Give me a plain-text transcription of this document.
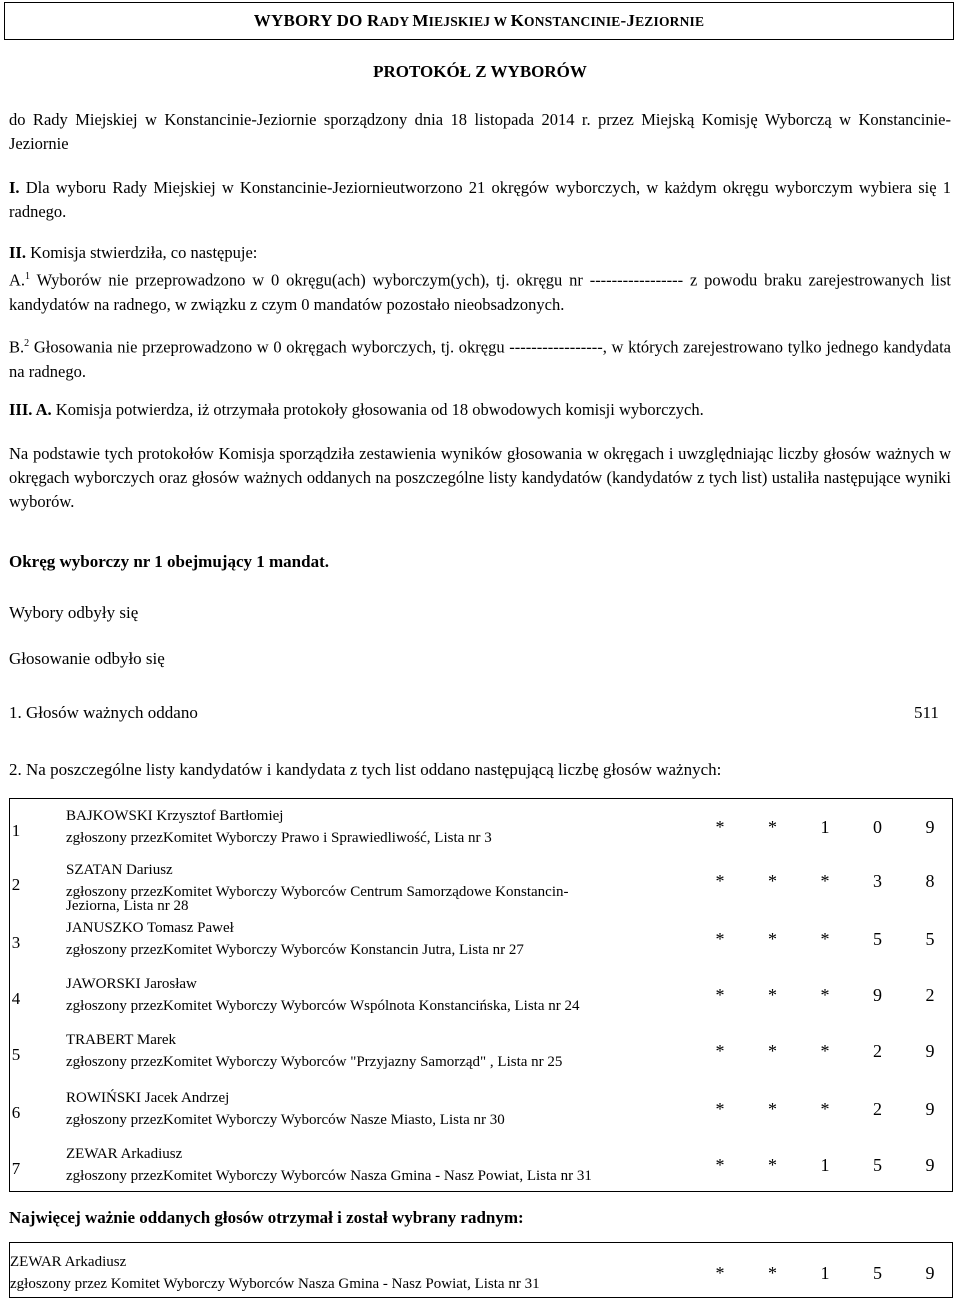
WYBORY DO RADY MIEJSKIEJ W KONSTANCINIE-JEZIORNIE
PROTOKÓŁ Z WYBORÓW
do Rady Miejskiej w Konstancinie-Jeziornie sporządzony dnia 18 listopada 2014 r. przez Miejską Komisję Wyborczą w Konstancinie-Jeziornie
I. Dla wyboru Rady Miejskiej w Konstancinie-Jeziorniеutworzono 21 okręgów wyborczych, w każdym okręgu wyborczym wybiera się 1 radnego.
II. Komisja stwierdziła, co następuje:
A.$^1$ Wyborów nie przeprowadzono w 0 okręgu(ach) wyborczym(ych), tj. okręgu nr ----------------- z powodu braku zarejestrowanych list kandydatów na radnego, w związku z czym 0 mandatów pozostało nieobsadzonych.
B.$^2$ Głosowania nie przeprowadzono w 0 okręgach wyborczych, tj. okręgu -----------------, w których zarejestrowano tylko jednego kandydata na radnego.
III. A. Komisja potwierdza, iż otrzymała protokoły głosowania od 18 obwodowych komisji wyborczych.
Na podstawie tych protokołów Komisja sporządziła zestawienia wyników głosowania w okręgach i uwzględniając liczby głosów ważnych w okręgach wyborczych oraz głosów ważnych oddanych na poszczególne listy kandydatów (kandydatów z tych list) ustaliła następujące wyniki wyborów.
Okręg wyborczy nr 1 obejmujący 1 mandat.
Wybory odbyły się
Głosowanie odbyło się
1. Głosów ważnych oddano	511
2. Na poszczególne listy kandydatów i kandydata z tych list oddano następującą liczbę głosów ważnych:
1
BAJKOWSKI Krzysztof Bartłomiej
zgłoszony przezKomitet Wyborczy Prawo i Sprawiedliwość, Lista nr 3
*	*	1	0	9
2
SZATAN Dariusz
zgłoszony przezKomitet Wyborczy Wyborców Centrum Samorządowe Konstancin-
Jeziorna, Lista nr 28
*	*	*	3	8
3
JANUSZKO Tomasz Paweł
zgłoszony przezKomitet Wyborczy Wyborców Konstancin Jutra, Lista nr 27
*	*	*	5	5
4
JAWORSKI Jarosław
zgłoszony przezKomitet Wyborczy Wyborców Wspólnota Konstancińska, Lista nr 24
*	*	*	9	2
5
TRABERT Marek
zgłoszony przezKomitet Wyborczy Wyborców "Przyjazny Samorząd" , Lista nr 25
*	*	*	2	9
6
ROWIŃSKI Jacek Andrzej
zgłoszony przezKomitet Wyborczy Wyborców Nasze Miasto, Lista nr 30
*	*	*	2	9
7
ZEWAR Arkadiusz
zgłoszony przezKomitet Wyborczy Wyborców Nasza Gmina - Nasz Powiat, Lista nr 31
*	*	1	5	9
Najwięcej ważnie oddanych głosów otrzymał i został wybrany radnym:
ZEWAR Arkadiusz
zgłoszony przez Komitet Wyborczy Wyborców Nasza Gmina - Nasz Powiat, Lista nr 31
*	*	1	5	9
